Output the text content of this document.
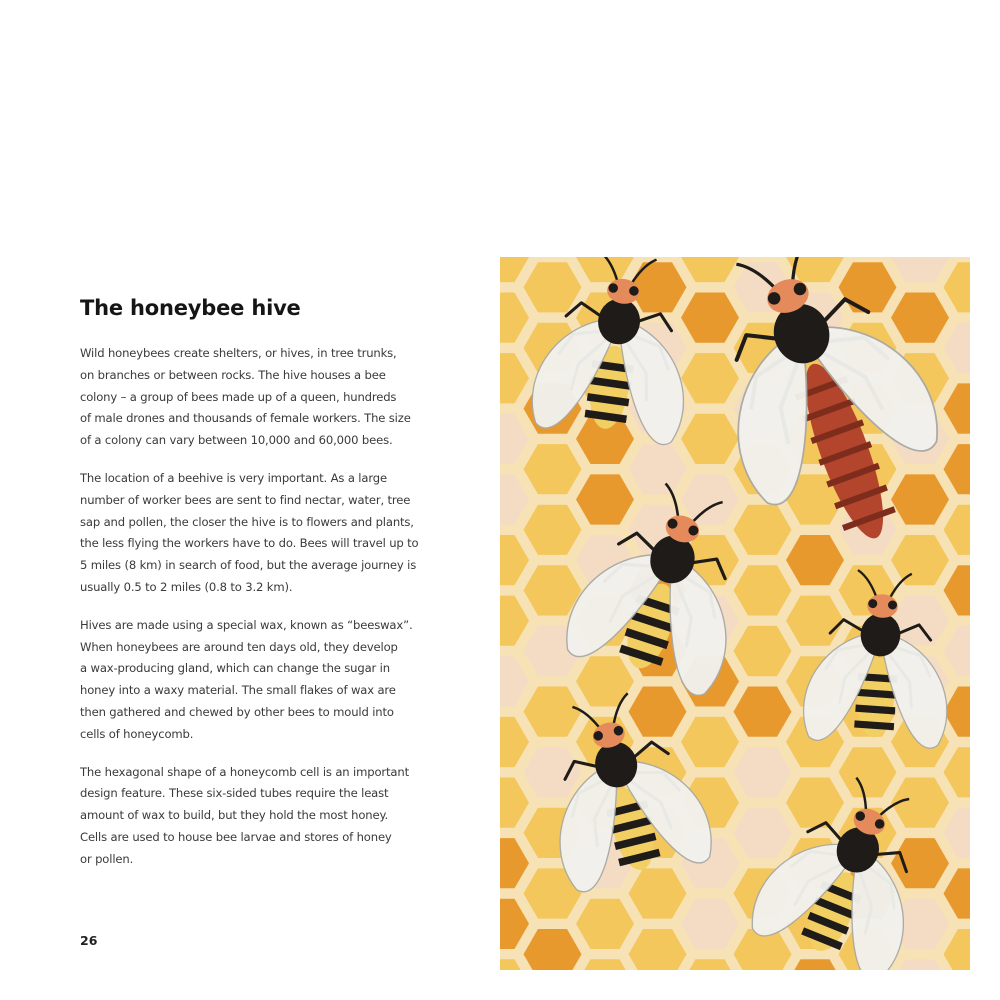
The honeybee hive

Wild honeybees create shelters, or hives, in tree trunks,
on branches or between rocks. The hive houses a bee
colony – a group of bees made up of a queen, hundreds
of male drones and thousands of female workers. The size
of a colony can vary between 10,000 and 60,000 bees.

The location of a beehive is very important. As a large
number of worker bees are sent to find nectar, water, tree
sap and pollen, the closer the hive is to flowers and plants,
the less flying the workers have to do. Bees will travel up to
5 miles (8 km) in search of food, but the average journey is
usually 0.5 to 2 miles (0.8 to 3.2 km).

Hives are made using a special wax, known as “beeswax”.
When honeybees are around ten days old, they develop
a wax-producing gland, which can change the sugar in
honey into a waxy material. The small flakes of wax are
then gathered and chewed by other bees to mould into
cells of honeycomb.

The hexagonal shape of a honeycomb cell is an important
design feature. These six-sided tubes require the least
amount of wax to build, but they hold the most honey.
Cells are used to house bee larvae and stores of honey
or pollen.

26
